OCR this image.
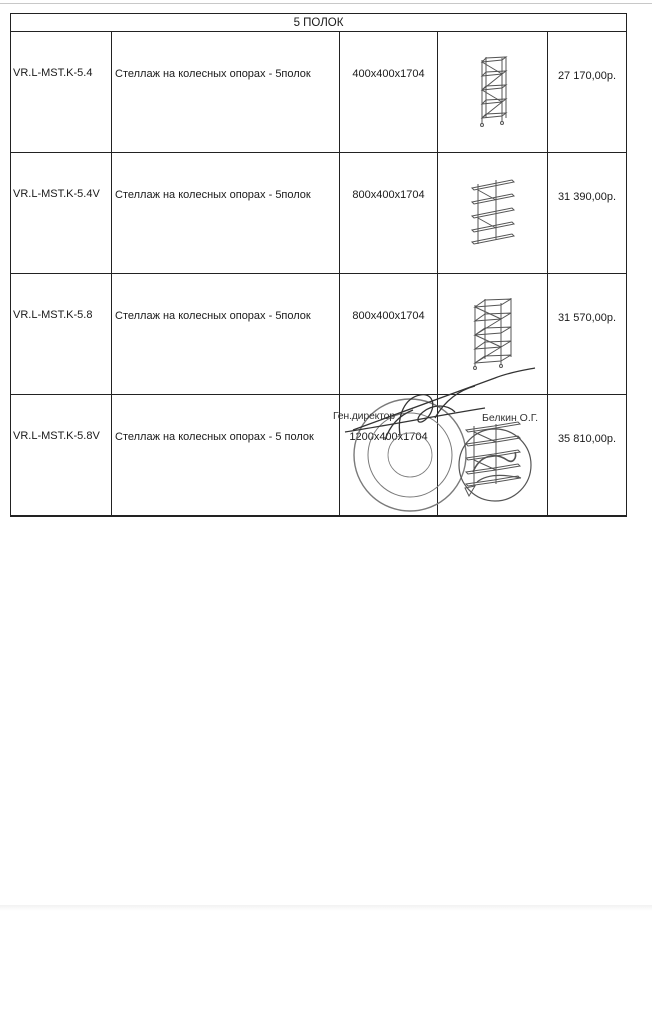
5 ПОЛОК				
VR.L-MST.K-5.4	Стеллаж на колесных опорах - 5полок	400x400x1704		27 170,00р.
VR.L-MST.K-5.4V	Стеллаж на колесных опорах - 5полок	800x400x1704		31 390,00р.
VR.L-MST.K-5.8	Стеллаж на колесных опорах - 5полок	800x400x1704		31 570,00р.
VR.L-MST.K-5.8V	Стеллаж на колесных опорах - 5 полок	1200x400x1704		35 810,00р.
Ген.директор	Белкин О.Г.
